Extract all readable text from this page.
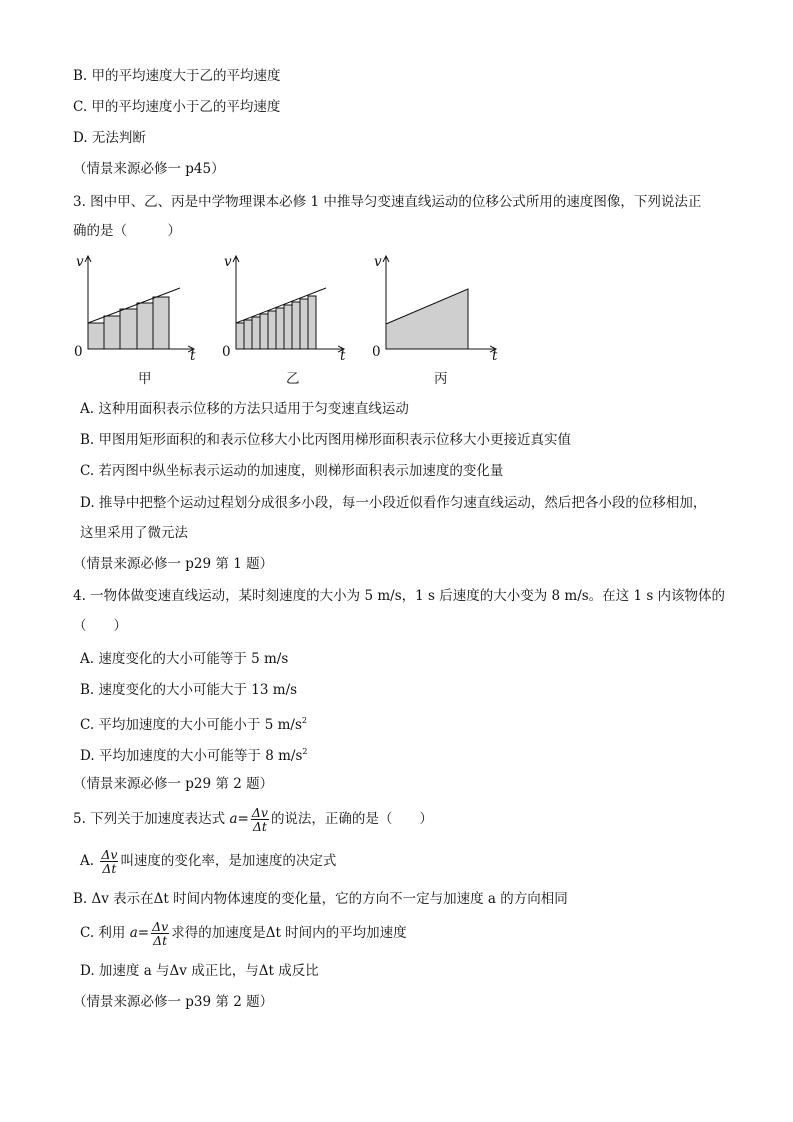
B. 甲的平均速度大于乙的平均速度
C. 甲的平均速度小于乙的平均速度
D. 无法判断
（情景来源必修一 p45）
3. 图中甲、乙、丙是中学物理课本必修 1 中推导匀变速直线运动的位移公式所用的速度图像，下列说法正
确的是（　　　）
v
0	t
甲
v
0	t
乙
v
0	t
丙
A. 这种用面积表示位移的方法只适用于匀变速直线运动
B. 甲图用矩形面积的和表示位移大小比丙图用梯形面积表示位移大小更接近真实值
C. 若丙图中纵坐标表示运动的加速度，则梯形面积表示加速度的变化量
D. 推导中把整个运动过程划分成很多小段，每一小段近似看作匀速直线运动，然后把各小段的位移相加，
这里采用了微元法
（情景来源必修一 p29 第 1 题）
4. 一物体做变速直线运动，某时刻速度的大小为 5 m/s，1 s 后速度的大小变为 8 m/s。在这 1 s 内该物体的
（　　）
A. 速度变化的大小可能等于 5 m/s
B. 速度变化的大小可能大于 13 m/s
C. 平均加速度的大小可能小于 5 $m/s^2$
D. 平均加速度的大小可能等于 8 $m/s^2$
（情景来源必修一 p29 第 2 题）
5. 下列关于加速度表达式 $a= \frac{\Delta v}{\Delta t}$ 的说法，正确的是（　　）
A. $\frac{\Delta v}{\Delta t}$ 叫速度的变化率，是加速度的决定式
B. Δv 表示在Δt 时间内物体速度的变化量，它的方向不一定与加速度 a 的方向相同
C. 利用 $a= \frac{\Delta v}{\Delta t}$ 求得的加速度是Δt 时间内的平均加速度
D. 加速度 a 与Δv 成正比，与Δt 成反比
（情景来源必修一 p39 第 2 题）
